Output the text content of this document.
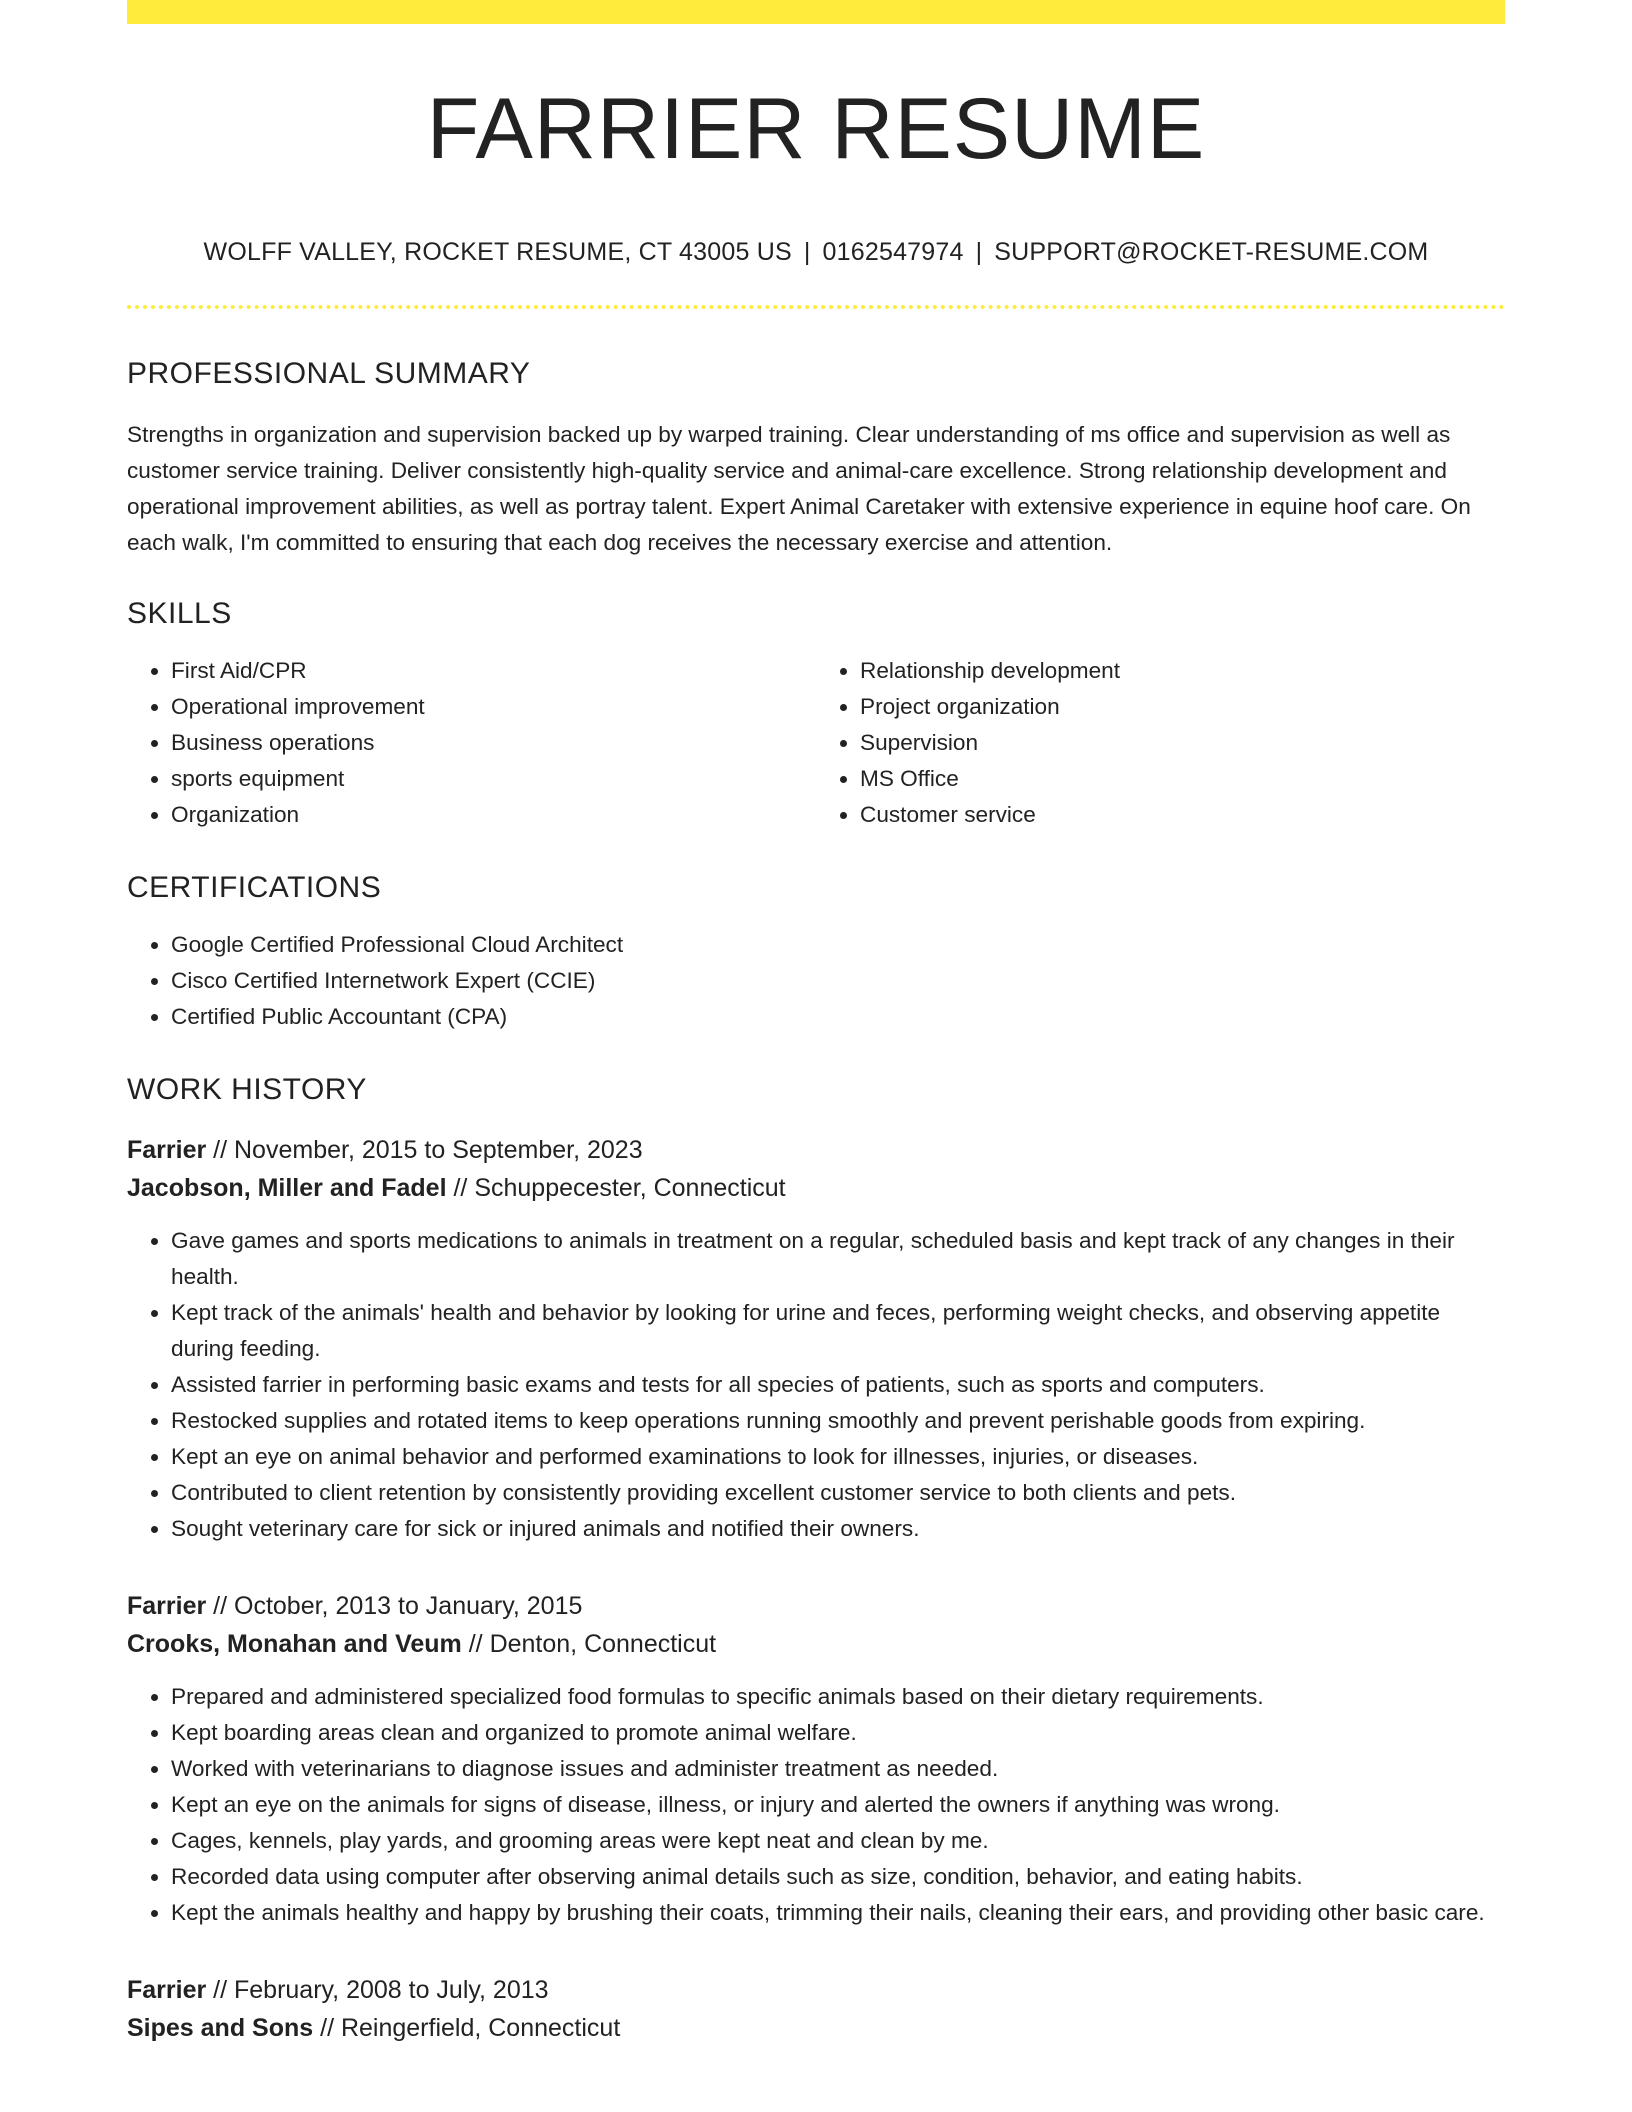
FARRIER RESUME
WOLFF VALLEY, ROCKET RESUME, CT 43005 US | 0162547974 | SUPPORT@ROCKET-RESUME.COM
PROFESSIONAL SUMMARY
Strengths in organization and supervision backed up by warped training. Clear understanding of ms office and supervision as well as customer service training. Deliver consistently high-quality service and animal-care excellence. Strong relationship development and operational improvement abilities, as well as portray talent. Expert Animal Caretaker with extensive experience in equine hoof care. On each walk, I'm committed to ensuring that each dog receives the necessary exercise and attention.
SKILLS
• First Aid/CPR
• Operational improvement
• Business operations
• sports equipment
• Organization
• Relationship development
• Project organization
• Supervision
• MS Office
• Customer service
CERTIFICATIONS
• Google Certified Professional Cloud Architect
• Cisco Certified Internetwork Expert (CCIE)
• Certified Public Accountant (CPA)
WORK HISTORY
Farrier // November, 2015 to September, 2023
Jacobson, Miller and Fadel // Schuppecester, Connecticut
• Gave games and sports medications to animals in treatment on a regular, scheduled basis and kept track of any changes in their health.
• Kept track of the animals' health and behavior by looking for urine and feces, performing weight checks, and observing appetite during feeding.
• Assisted farrier in performing basic exams and tests for all species of patients, such as sports and computers.
• Restocked supplies and rotated items to keep operations running smoothly and prevent perishable goods from expiring.
• Kept an eye on animal behavior and performed examinations to look for illnesses, injuries, or diseases.
• Contributed to client retention by consistently providing excellent customer service to both clients and pets.
• Sought veterinary care for sick or injured animals and notified their owners.
Farrier // October, 2013 to January, 2015
Crooks, Monahan and Veum // Denton, Connecticut
• Prepared and administered specialized food formulas to specific animals based on their dietary requirements.
• Kept boarding areas clean and organized to promote animal welfare.
• Worked with veterinarians to diagnose issues and administer treatment as needed.
• Kept an eye on the animals for signs of disease, illness, or injury and alerted the owners if anything was wrong.
• Cages, kennels, play yards, and grooming areas were kept neat and clean by me.
• Recorded data using computer after observing animal details such as size, condition, behavior, and eating habits.
• Kept the animals healthy and happy by brushing their coats, trimming their nails, cleaning their ears, and providing other basic care.
Farrier // February, 2008 to July, 2013
Sipes and Sons // Reingerfield, Connecticut
